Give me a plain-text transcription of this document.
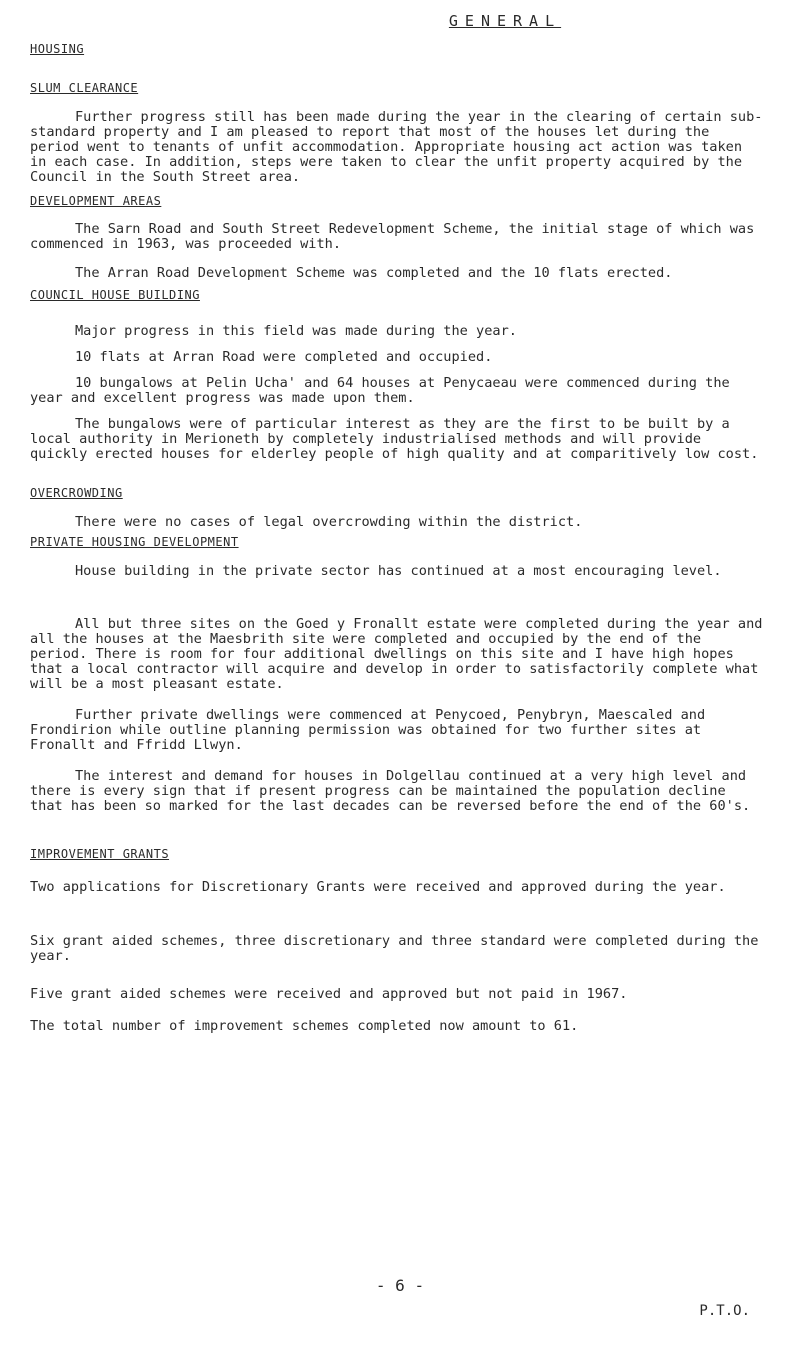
GENERAL
HOUSING
SLUM CLEARANCE

Further progress still has been made during the year in the clearing of certain sub-standard property and I am pleased to report that most of the houses let during the period went to tenants of unfit accommodation. Appropriate housing act action was taken in each case. In addition, steps were taken to clear the unfit property acquired by the Council in the South Street area.

DEVELOPMENT AREAS

The Sarn Road and South Street Redevelopment Scheme, the initial stage of which was commenced in 1963, was proceeded with.

The Arran Road Development Scheme was completed and the 10 flats erected.

COUNCIL HOUSE BUILDING

Major progress in this field was made during the year.

10 flats at Arran Road were completed and occupied.

10 bungalows at Pelin Ucha' and 64 houses at Penycaeau were commenced during the year and excellent progress was made upon them.

The bungalows were of particular interest as they are the first to be built by a local authority in Merioneth by completely industrialised methods and will provide quickly erected houses for elderley people of high quality and at comparitively low cost.

OVERCROWDING

There were no cases of legal overcrowding within the district.

PRIVATE HOUSING DEVELOPMENT

House building in the private sector has continued at a most encouraging level.

All but three sites on the Goed y Fronallt estate were completed during the year and all the houses at the Maesbrith site were completed and occupied by the end of the period. There is room for four additional dwellings on this site and I have high hopes that a local contractor will acquire and develop in order to satisfactorily complete what will be a most pleasant estate.

Further private dwellings were commenced at Penycoed, Penybryn, Maescaled and Frondirion while outline planning permission was obtained for two further sites at Fronallt and Ffridd Llwyn.

The interest and demand for houses in Dolgellau continued at a very high level and there is every sign that if present progress can be maintained the population decline that has been so marked for the last decades can be reversed before the end of the 60's.

IMPROVEMENT GRANTS

Two applications for Discretionary Grants were received and approved during the year.

Six grant aided schemes, three discretionary and three standard were completed during the year.

Five grant aided schemes were received and approved but not paid in 1967.

The total number of improvement schemes completed now amount to 61.

- 6 -
P.T.O.
